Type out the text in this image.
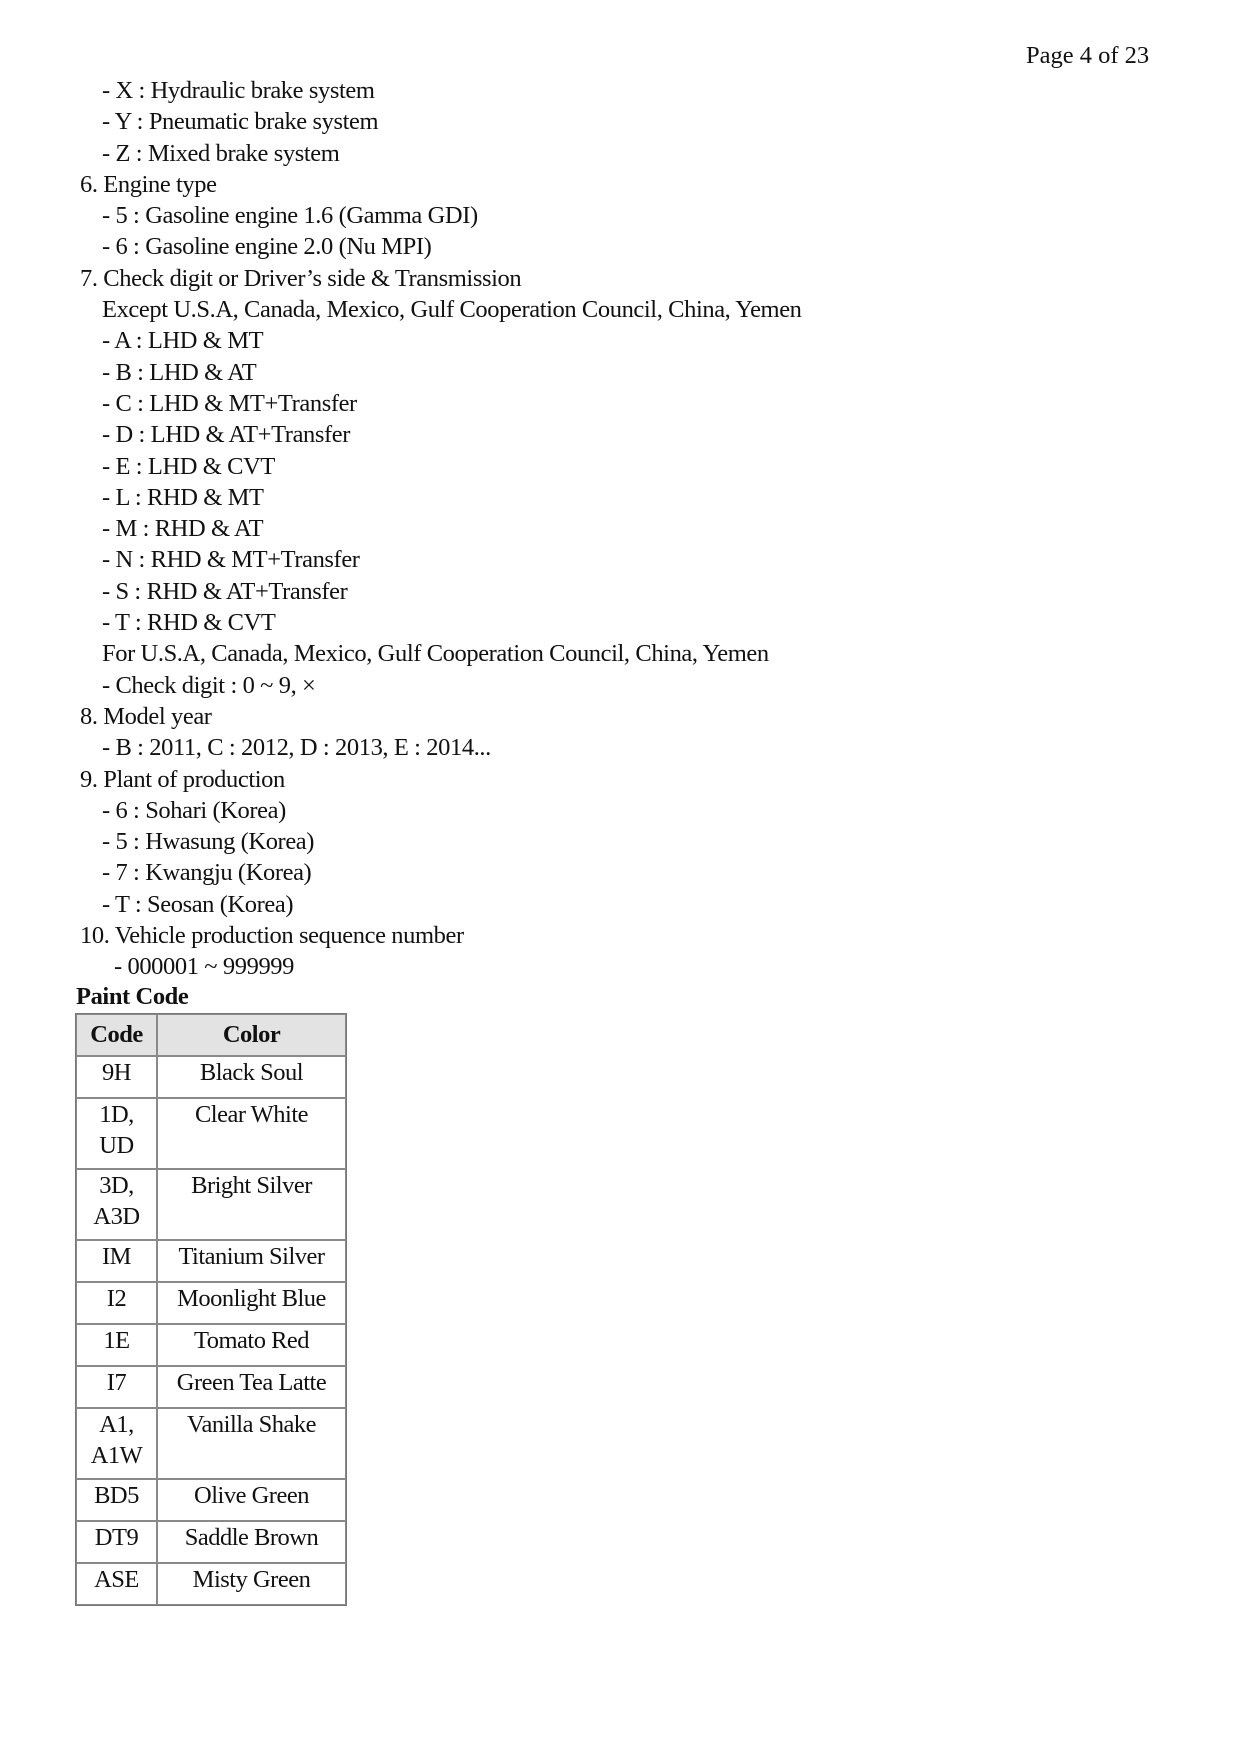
Page 4 of 23
- X : Hydraulic brake system
- Y : Pneumatic brake system
- Z : Mixed brake system
6. Engine type
- 5 : Gasoline engine 1.6 (Gamma GDI)
- 6 : Gasoline engine 2.0 (Nu MPI)
7. Check digit or Driver’s side & Transmission
Except U.S.A, Canada, Mexico, Gulf Cooperation Council, China, Yemen
- A : LHD & MT
- B : LHD & AT
- C : LHD & MT+Transfer
- D : LHD & AT+Transfer
- E : LHD & CVT
- L : RHD & MT
- M : RHD & AT
- N : RHD & MT+Transfer
- S : RHD & AT+Transfer
- T : RHD & CVT
For U.S.A, Canada, Mexico, Gulf Cooperation Council, China, Yemen
- Check digit : 0 ~ 9, ×
8. Model year
- B : 2011, C : 2012, D : 2013, E : 2014...
9. Plant of production
- 6 : Sohari (Korea)
- 5 : Hwasung (Korea)
- 7 : Kwangju (Korea)
- T : Seosan (Korea)
10. Vehicle production sequence number
- 000001 ~ 999999
Paint Code
Code	Color

9H	Black Soul

1D,
UD	Clear White

3D,
A3D	Bright Silver

IM	Titanium Silver

I2	Moonlight Blue

1E	Tomato Red

I7	Green Tea Latte

A1,
A1W	Vanilla Shake

BD5	Olive Green

DT9	Saddle Brown

ASE	Misty Green
